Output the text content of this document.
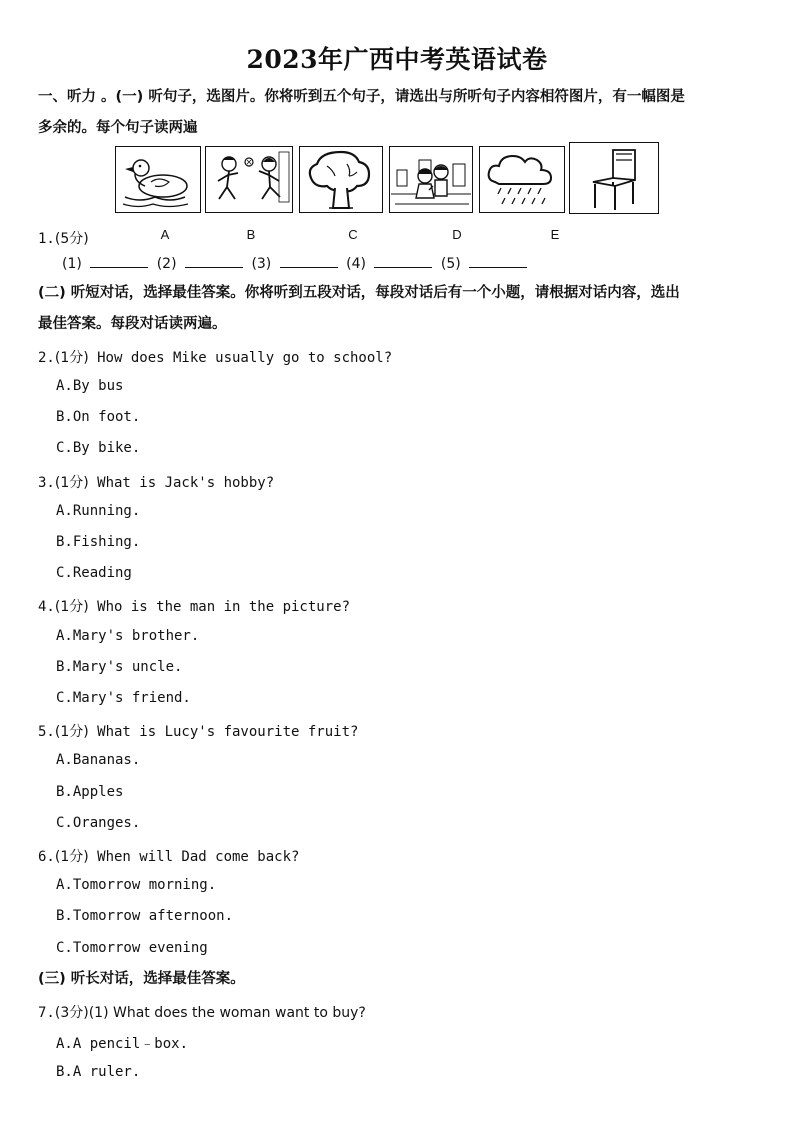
2023年广西中考英语试卷
一、听力 。(一) 听句子，选图片。你将听到五个句子，请选出与所听句子内容相符图片，有一幅图是
多余的。每个句子读两遍
A	B	C	D	E
1.(5分)
(1)	(2)	(3)	(4)	(5)
(二) 听短对话，选择最佳答案。你将听到五段对话，每段对话后有一个小题，请根据对话内容，选出
最佳答案。每段对话读两遍。
2.(1分) How does Mike usually go to school?
A.By bus
B.On foot.
C.By bike.
3.(1分) What is Jack's hobby?
A.Running.
B.Fishing.
C.Reading
4.(1分) Who is the man in the picture?
A.Mary's brother.
B.Mary's uncle.
C.Mary's friend.
5.(1分) What is Lucy's favourite fruit?
A.Bananas.
B.Apples
C.Oranges.
6.(1分) When will Dad come back?
A.Tomorrow morning.
B.Tomorrow afternoon.
C.Tomorrow evening
(三) 听长对话，选择最佳答案。
7.(3分)(1) What does the woman want to buy?
A.A pencil﹣box.
B.A ruler.
